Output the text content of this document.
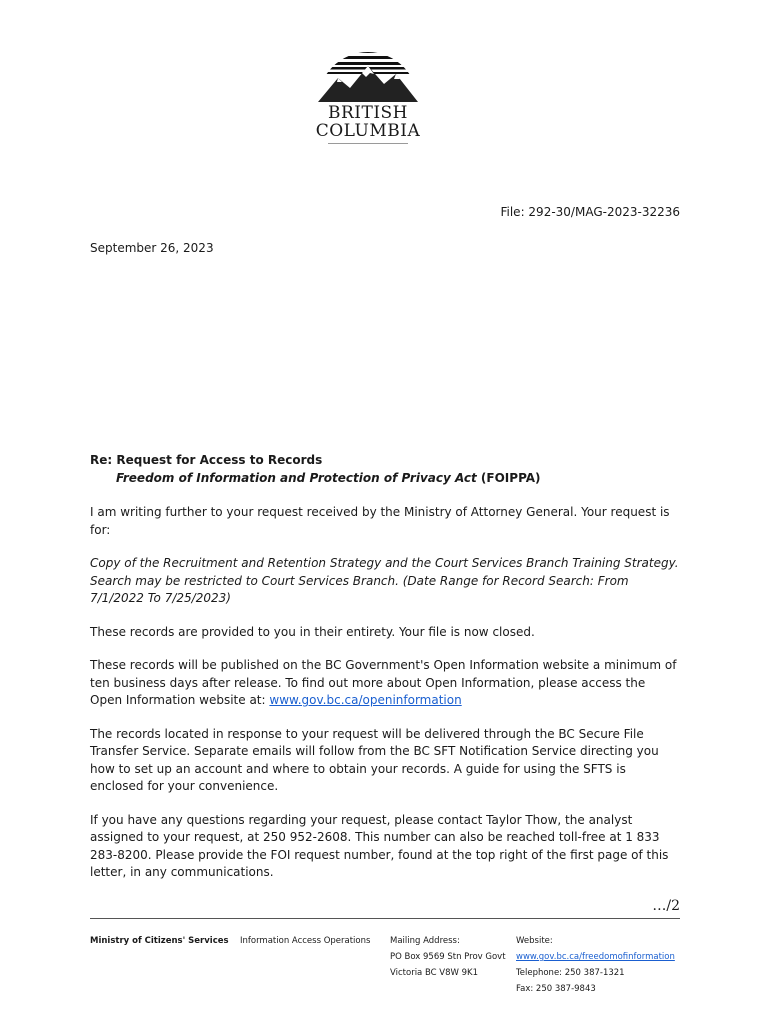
BRITISH
COLUMBIA
File: 292-30/MAG-2023-32236
September 26, 2023

Re: Request for Access to Records

Freedom of Information and Protection of Privacy Act (FOIPPA)

I am writing further to your request received by the Ministry of Attorney General. Your request is for:

Copy of the Recruitment and Retention Strategy and the Court Services Branch Training Strategy. Search may be restricted to Court Services Branch. (Date Range for Record Search: From 7/1/2022 To 7/25/2023)

These records are provided to you in their entirety. Your file is now closed.

These records will be published on the BC Government's Open Information website a minimum of ten business days after release. To find out more about Open Information, please access the Open Information website at: www.gov.bc.ca/openinformation

The records located in response to your request will be delivered through the BC Secure File Transfer Service. Separate emails will follow from the BC SFT Notification Service directing you how to set up an account and where to obtain your records. A guide for using the SFTS is enclosed for your convenience.

If you have any questions regarding your request, please contact Taylor Thow, the analyst assigned to your request, at 250 952-2608. This number can also be reached toll-free at 1 833 283-8200. Please provide the FOI request number, found at the top right of the first page of this letter, in any communications.

…/2
Ministry of Citizens' Services Information Access Operations Mailing Address:
PO Box 9569 Stn Prov Govt
Victoria BC V8W 9K1
Website:
www.gov.bc.ca/freedomofinformation
Telephone: 250 387-1321
Fax: 250 387-9843
